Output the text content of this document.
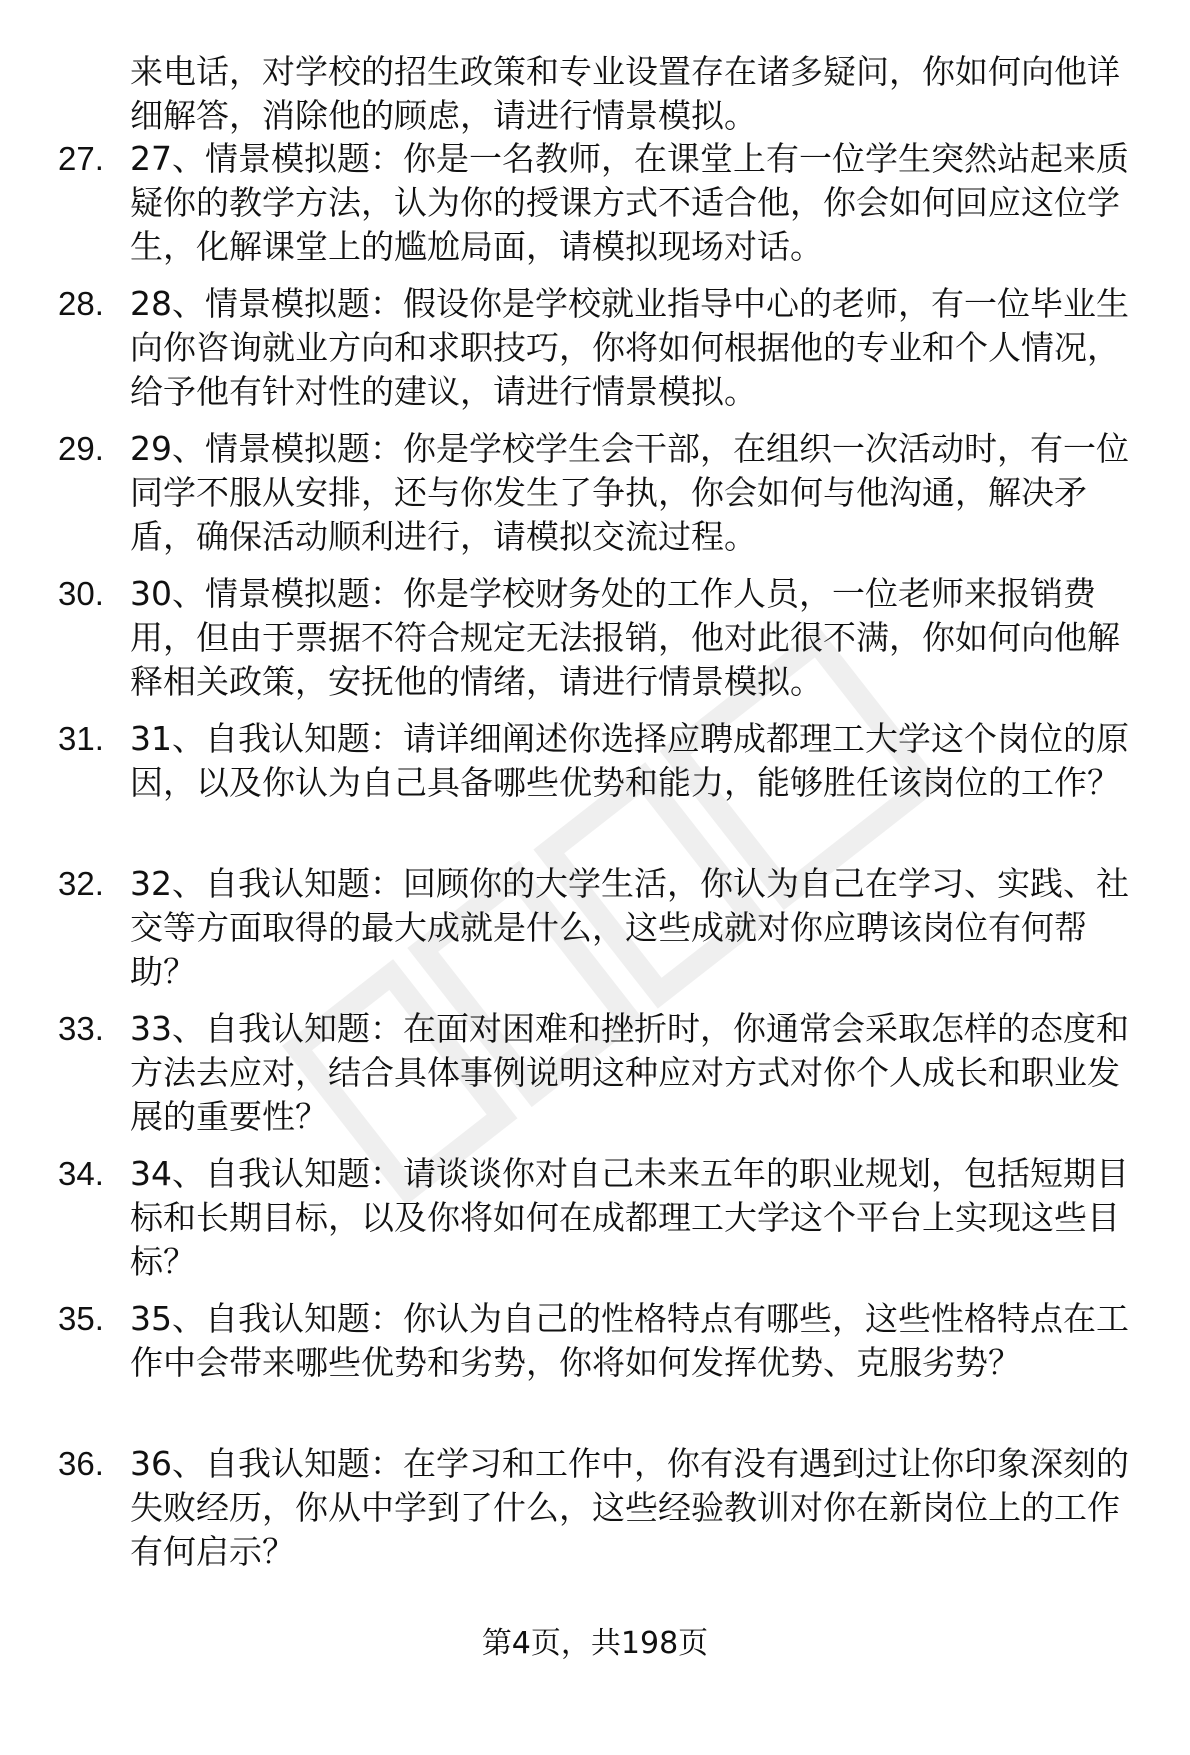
来电话，对学校的招生政策和专业设置存在诸多疑问，你如何向他详细解答，消除他的顾虑，请进行情景模拟。
27. 27、情景模拟题：你是一名教师，在课堂上有一位学生突然站起来质疑你的教学方法，认为你的授课方式不适合他，你会如何回应这位学生，化解课堂上的尴尬局面，请模拟现场对话。
28. 28、情景模拟题：假设你是学校就业指导中心的老师，有一位毕业生向你咨询就业方向和求职技巧，你将如何根据他的专业和个人情况，给予他有针对性的建议，请进行情景模拟。
29. 29、情景模拟题：你是学校学生会干部，在组织一次活动时，有一位同学不服从安排，还与你发生了争执，你会如何与他沟通，解决矛盾，确保活动顺利进行，请模拟交流过程。
30. 30、情景模拟题：你是学校财务处的工作人员，一位老师来报销费用，但由于票据不符合规定无法报销，他对此很不满，你如何向他解释相关政策，安抚他的情绪，请进行情景模拟。
31. 31、自我认知题：请详细阐述你选择应聘成都理工大学这个岗位的原因，以及你认为自己具备哪些优势和能力，能够胜任该岗位的工作？
32. 32、自我认知题：回顾你的大学生活，你认为自己在学习、实践、社交等方面取得的最大成就是什么，这些成就对你应聘该岗位有何帮助？
33. 33、自我认知题：在面对困难和挫折时，你通常会采取怎样的态度和方法去应对，结合具体事例说明这种应对方式对你个人成长和职业发展的重要性？
34. 34、自我认知题：请谈谈你对自己未来五年的职业规划，包括短期目标和长期目标，以及你将如何在成都理工大学这个平台上实现这些目标？
35. 35、自我认知题：你认为自己的性格特点有哪些，这些性格特点在工作中会带来哪些优势和劣势，你将如何发挥优势、克服劣势？
36. 36、自我认知题：在学习和工作中，你有没有遇到过让你印象深刻的失败经历，你从中学到了什么，这些经验教训对你在新岗位上的工作有何启示？
第4页，共198页
